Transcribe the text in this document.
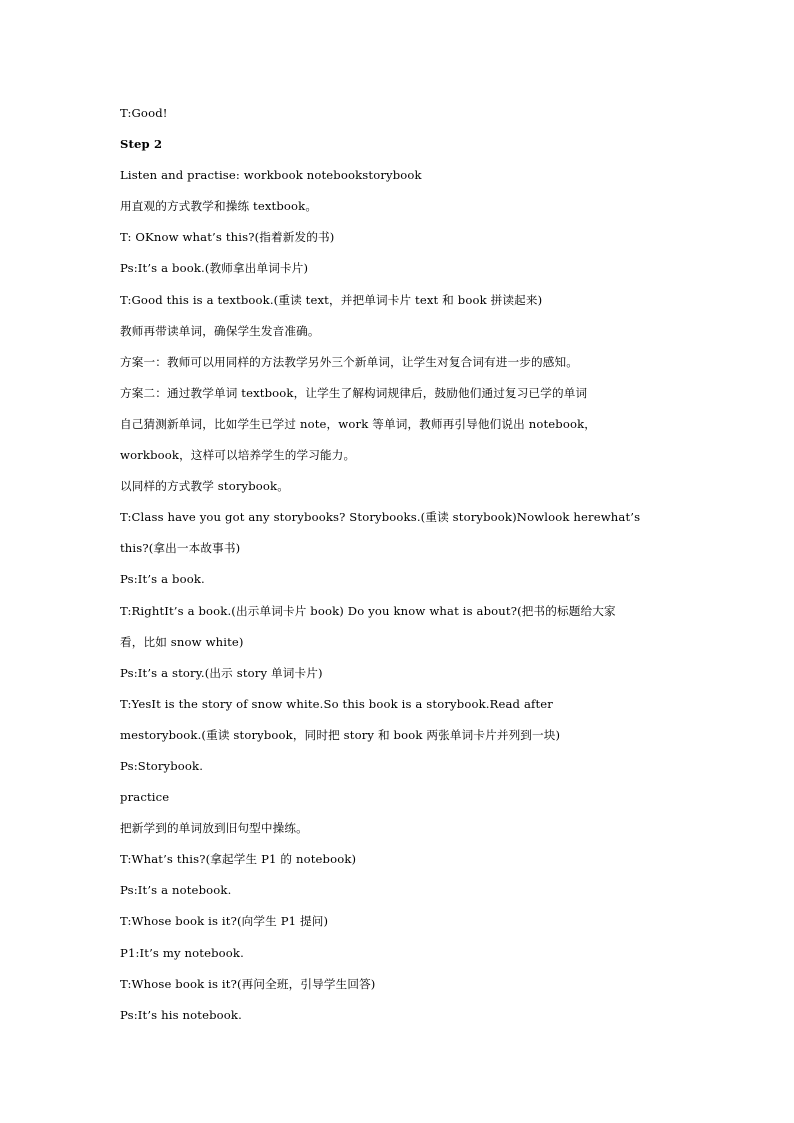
T:Good!
Step 2
Listen and practise: workbook notebookstorybook
用直观的方式教学和操练 textbook。
T: OKnow what’s this?(指着新发的书)
Ps:It’s a book.(教师拿出单词卡片)
T:Good this is a textbook.(重读 text，并把单词卡片 text 和 book 拼读起来)
教师再带读单词，确保学生发音准确。
方案一：教师可以用同样的方法教学另外三个新单词，让学生对复合词有进一步的感知。
方案二：通过教学单词 textbook，让学生了解构词规律后，鼓励他们通过复习已学的单词
自己猜测新单词，比如学生已学过 note，work 等单词，教师再引导他们说出 notebook，
workbook，这样可以培养学生的学习能力。
以同样的方式教学 storybook。
T:Class have you got any storybooks? Storybooks.(重读 storybook)Nowlook herewhat’s
this?(拿出一本故事书)
Ps:It’s a book.
T:RightIt’s a book.(出示单词卡片 book) Do you know what is about?(把书的标题给大家
看，比如 snow white)
Ps:It’s a story.(出示 story 单词卡片)
T:YesIt is the story of snow white.So this book is a storybook.Read after
mestorybook.(重读 storybook，同时把 story 和 book 两张单词卡片并列到一块)
Ps:Storybook.
practice
把新学到的单词放到旧句型中操练。
T:What’s this?(拿起学生 P1 的 notebook)
Ps:It’s a notebook.
T:Whose book is it?(向学生 P1 提问)
P1:It’s my notebook.
T:Whose book is it?(再问全班，引导学生回答)
Ps:It’s his notebook.
